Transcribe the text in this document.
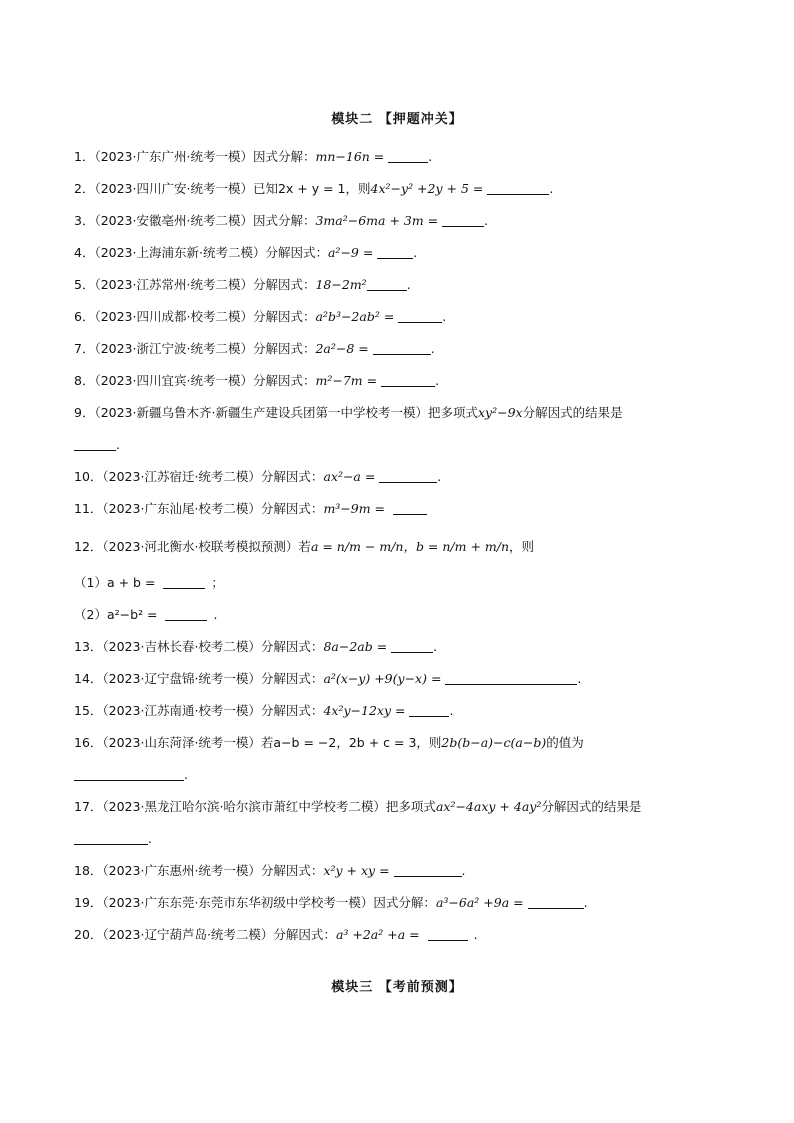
模块二 【押题冲关】
1．（2023·广东广州·统考一模）因式分解：mn−16n =	.
2．（2023·四川广安·统考一模）已知2x + y = 1，则4x²−y² +2y + 5 =	.
3．（2023·安徽亳州·统考二模）因式分解：3ma²−6ma + 3m =	.
4．（2023·上海浦东新·统考二模）分解因式：a²−9 =	.
5．（2023·江苏常州·统考二模）分解因式：18−2m²	.
6．（2023·四川成都·校考二模）分解因式：a²b³−2ab² =	.
7．（2023·浙江宁波·统考二模）分解因式：2a²−8 =	.
8．（2023·四川宜宾·统考一模）分解因式：m²−7m =	.
9．（2023·新疆乌鲁木齐·新疆生产建设兵团第一中学校考一模）把多项式xy²−9x分解因式的结果是
.
10．（2023·江苏宿迁·统考二模）分解因式：ax²−a =	.
11．（2023·广东汕尾·校考二模）分解因式：m³−9m =
12．（2023·河北衡水·校联考模拟预测）若a = n/m − m/n，b = n/m + m/n，则
（1）a + b =	；
（2）a²−b² =	.
13．（2023·吉林长春·校考二模）分解因式：8a−2ab =	.
14．（2023·辽宁盘锦·统考一模）分解因式：a²(x−y) +9(y−x) =	.
15．（2023·江苏南通·校考一模）分解因式：4x²y−12xy =	.
16．（2023·山东菏泽·统考一模）若a−b = −2，2b + c = 3，则2b(b−a)−c(a−b)的值为
.
17．（2023·黑龙江哈尔滨·哈尔滨市萧红中学校考二模）把多项式ax²−4axy + 4ay²分解因式的结果是
.
18．（2023·广东惠州·统考一模）分解因式：x²y + xy =	.
19．（2023·广东东莞·东莞市东华初级中学校考一模）因式分解：a³−6a² +9a =	.
20．（2023·辽宁葫芦岛·统考二模）分解因式：a³ +2a² +a =	.
模块三 【考前预测】
